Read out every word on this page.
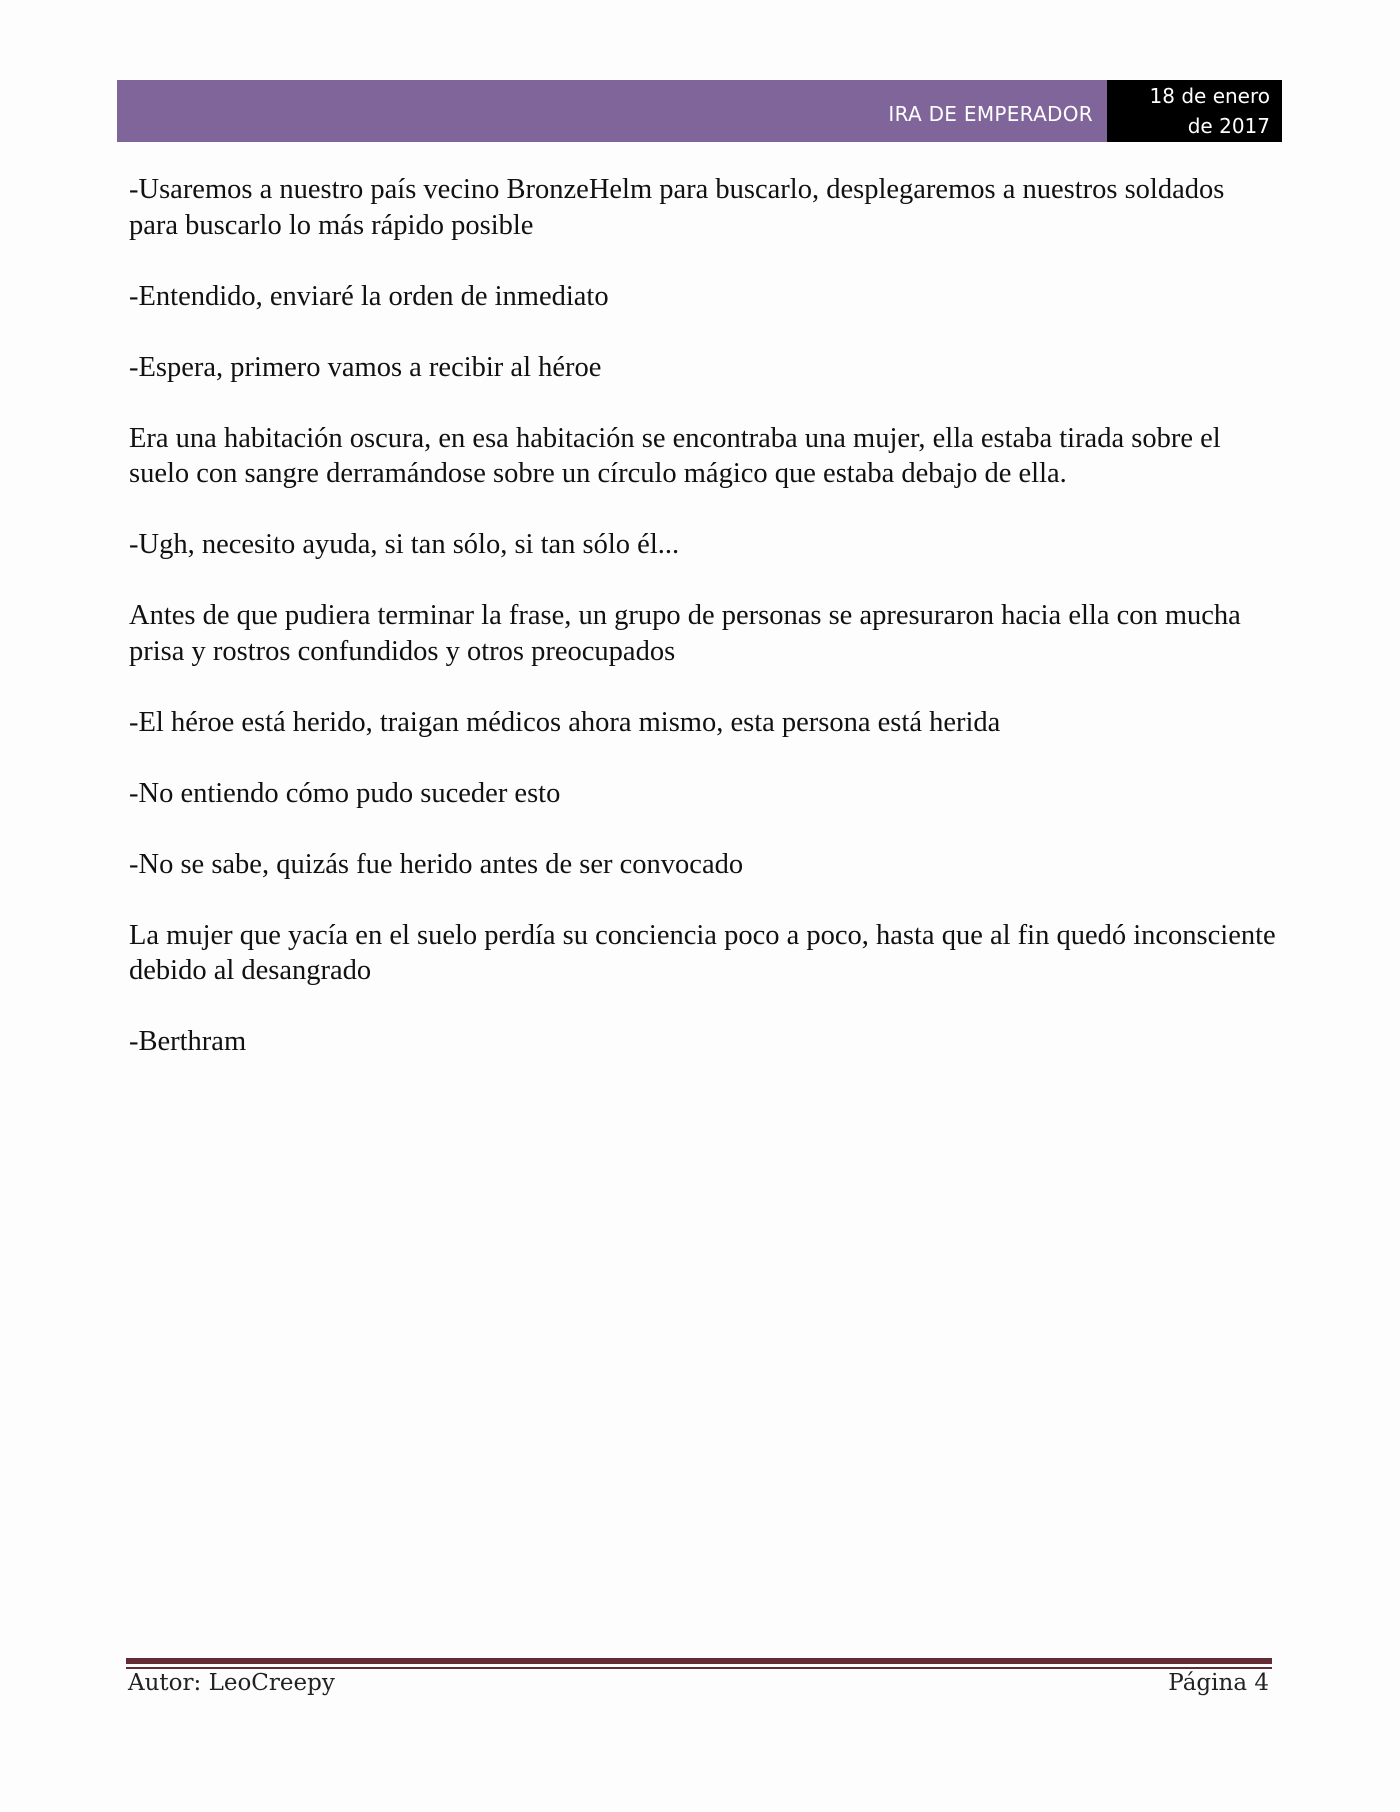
IRA DE EMPERADOR
18 de enero
de 2017

-Usaremos a nuestro país vecino BronzeHelm para buscarlo, desplegaremos a nuestros soldados para buscarlo lo más rápido posible

-Entendido, enviaré la orden de inmediato

-Espera, primero vamos a recibir al héroe

Era una habitación oscura, en esa habitación se encontraba una mujer, ella estaba tirada sobre el suelo con sangre derramándose sobre un círculo mágico que estaba debajo de ella.

-Ugh, necesito ayuda, si tan sólo, si tan sólo él...

Antes de que pudiera terminar la frase, un grupo de personas se apresuraron hacia ella con mucha prisa y rostros confundidos y otros preocupados

-El héroe está herido, traigan médicos ahora mismo, esta persona está herida

-No entiendo cómo pudo suceder esto

-No se sabe, quizás fue herido antes de ser convocado

La mujer que yacía en el suelo perdía su conciencia poco a poco, hasta que al fin quedó inconsciente debido al desangrado

-Berthram

Autor: LeoCreepy	Página 4
